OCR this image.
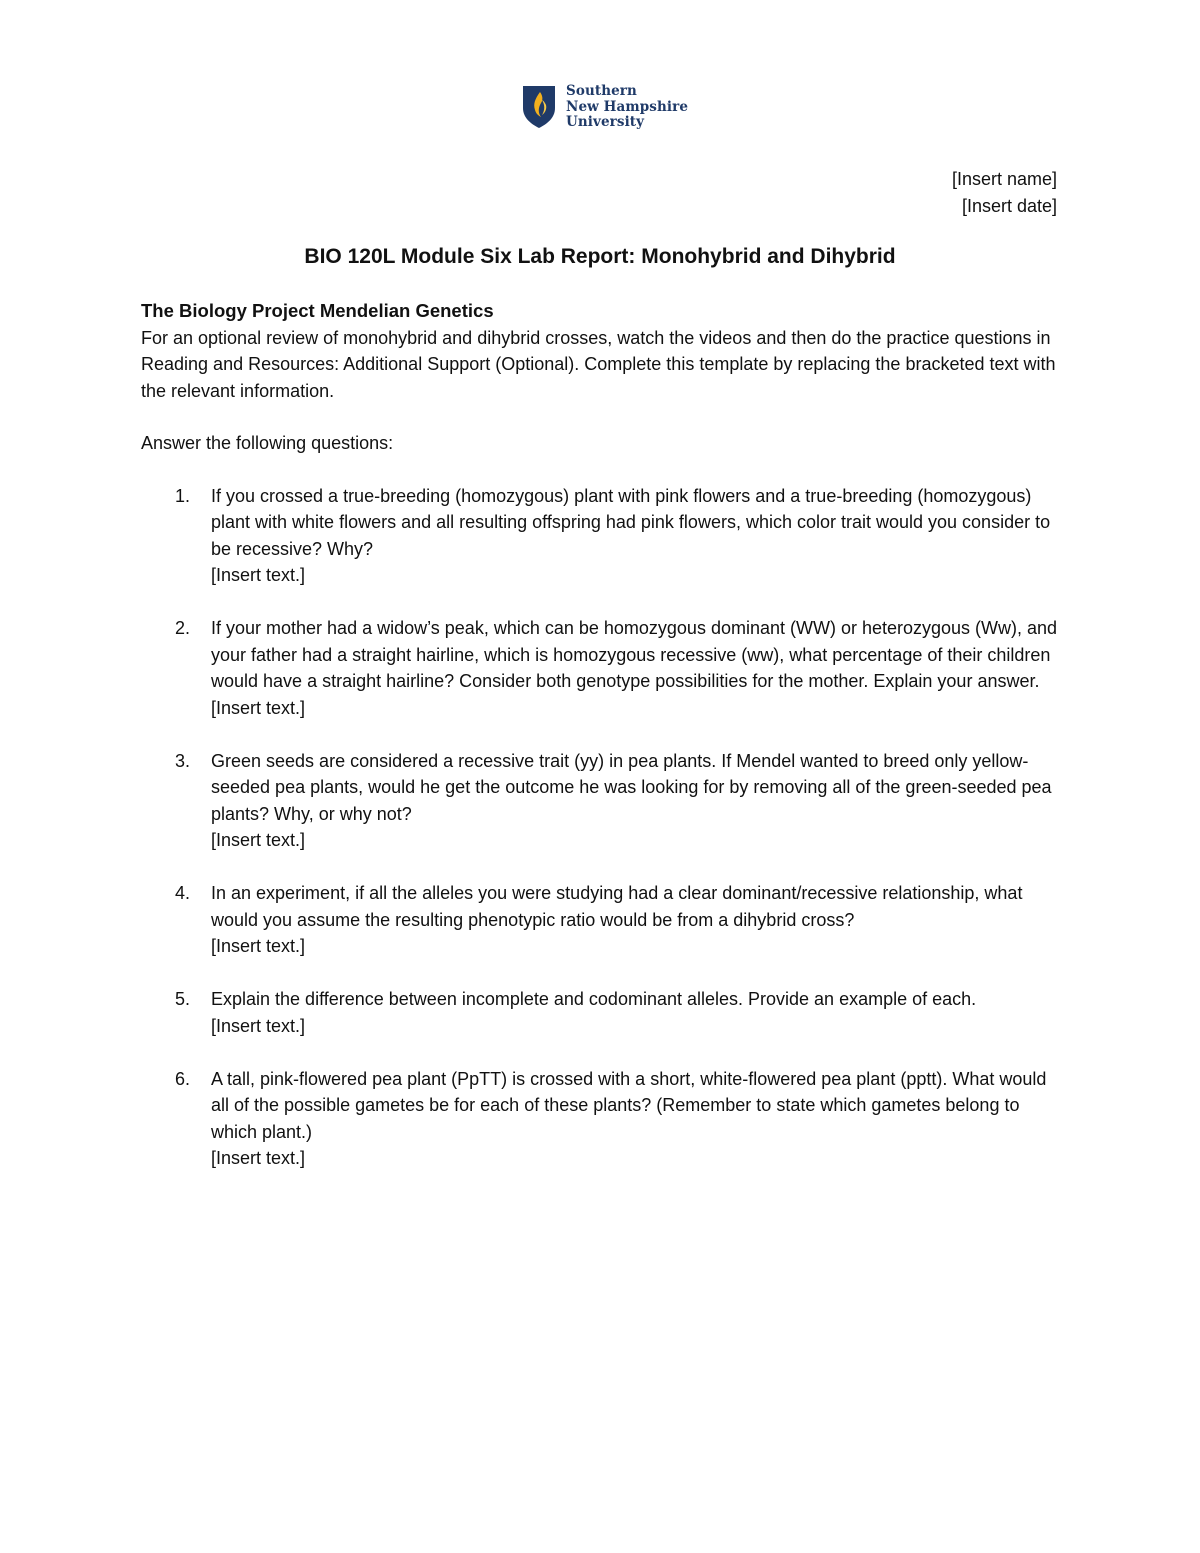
Southern
New Hampshire
University
[Insert name]
[Insert date]
BIO 120L Module Six Lab Report: Monohybrid and Dihybrid

The Biology Project Mendelian Genetics

For an optional review of monohybrid and dihybrid crosses, watch the videos and then do the practice questions in Reading and Resources: Additional Support (Optional). Complete this template by replacing the bracketed text with the relevant information.

Answer the following questions:

1. If you crossed a true-breeding (homozygous) plant with pink flowers and a true-breeding (homozygous) plant with white flowers and all resulting offspring had pink flowers, which color trait would you consider to be recessive? Why?
[Insert text.]
2. If your mother had a widow’s peak, which can be homozygous dominant (WW) or heterozygous (Ww), and your father had a straight hairline, which is homozygous recessive (ww), what percentage of their children would have a straight hairline? Consider both genotype possibilities for the mother. Explain your answer.
[Insert text.]
3. Green seeds are considered a recessive trait (yy) in pea plants. If Mendel wanted to breed only yellow-seeded pea plants, would he get the outcome he was looking for by removing all of the green-seeded pea plants? Why, or why not?
[Insert text.]
4. In an experiment, if all the alleles you were studying had a clear dominant/recessive relationship, what would you assume the resulting phenotypic ratio would be from a dihybrid cross?
[Insert text.]
5. Explain the difference between incomplete and codominant alleles. Provide an example of each.
[Insert text.]
6. A tall, pink-flowered pea plant (PpTT) is crossed with a short, white-flowered pea plant (pptt). What would all of the possible gametes be for each of these plants? (Remember to state which gametes belong to which plant.)
[Insert text.]
